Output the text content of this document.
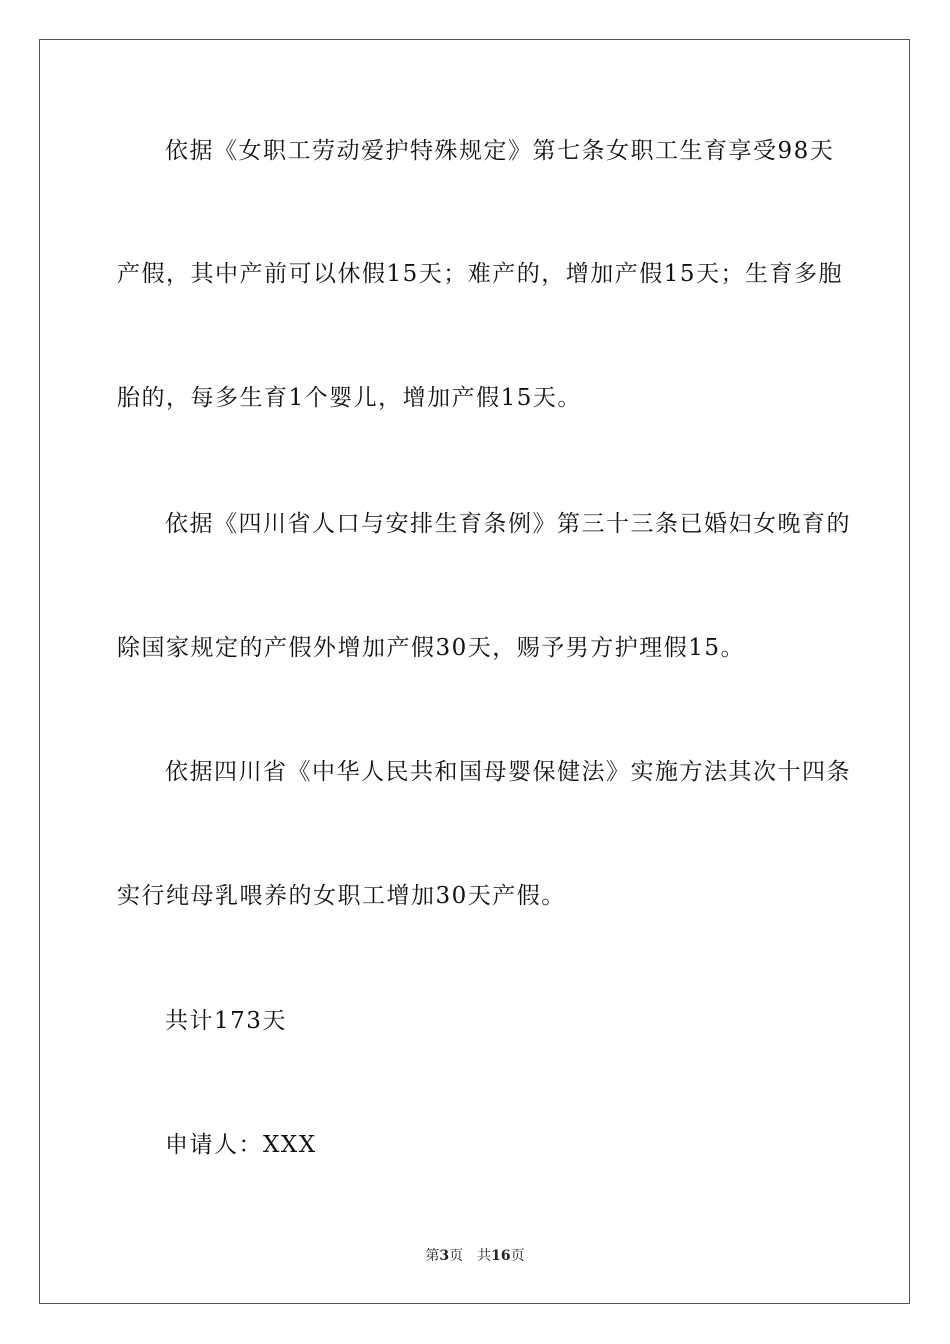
依据《女职工劳动爱护特殊规定》第七条女职工生育享受98天
产假，其中产前可以休假15天；难产的，增加产假15天；生育多胞
胎的，每多生育1个婴儿，增加产假15天。
依据《四川省人口与安排生育条例》第三十三条已婚妇女晚育的
除国家规定的产假外增加产假30天，赐予男方护理假15。
依据四川省《中华人民共和国母婴保健法》实施方法其次十四条
实行纯母乳喂养的女职工增加30天产假。
共计173天
申请人：XXX
第3页 共16页
